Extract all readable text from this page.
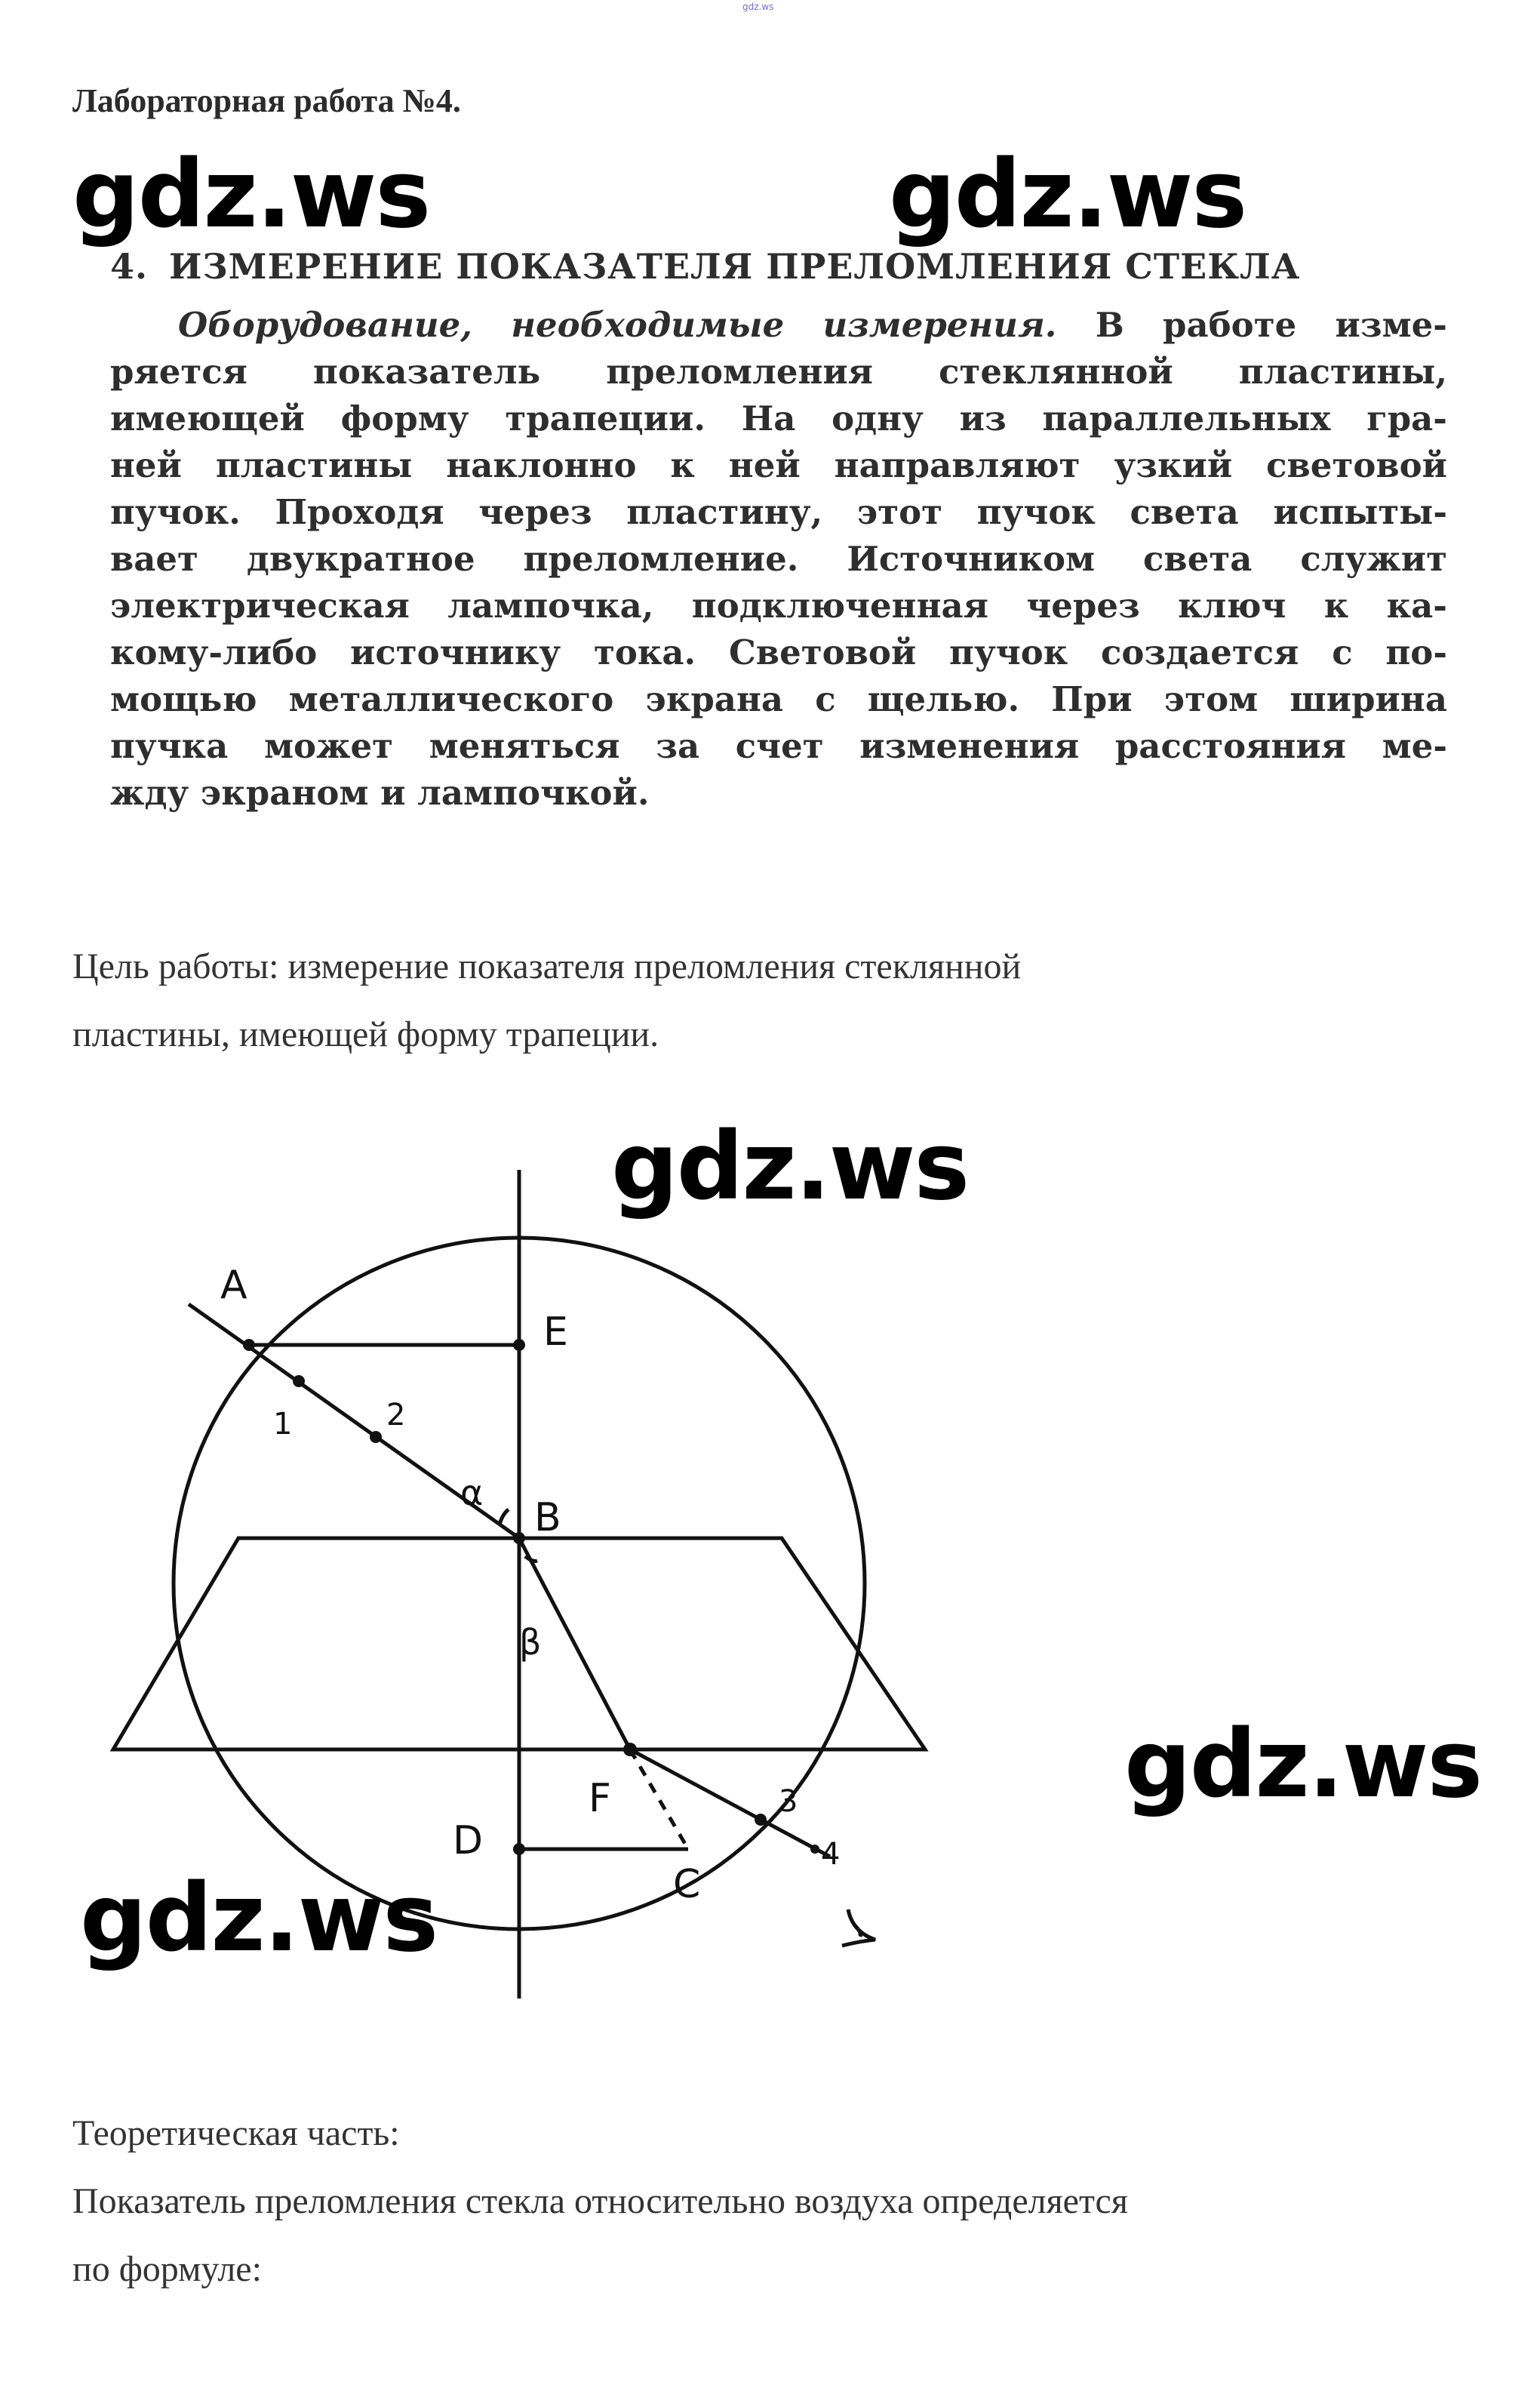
gdz.ws
Лабораторная работа №4.
gdz.ws	gdz.ws
4. ИЗМЕРЕНИЕ ПОКАЗАТЕЛЯ ПРЕЛОМЛЕНИЯ СТЕКЛА
Оборудование, необходимые измерения. В работе изме-
ряется показатель преломления стеклянной пластины,
имеющей форму трапеции. На одну из параллельных гра-
ней пластины наклонно к ней направляют узкий световой
пучок. Проходя через пластину, этот пучок света испыты-
вает двукратное преломление. Источником света служит
электрическая лампочка, подключенная через ключ к ка-
кому-либо источнику тока. Световой пучок создается с по-
мощью металлического экрана с щелью. При этом ширина
пучка может меняться за счет изменения расстояния ме-
жду экраном и лампочкой.
Цель работы: измерение показателя преломления стеклянной
пластины, имеющей форму трапеции.
gdz.ws
A
E
1	2
α
B
β
F
D
C
3
4
gdz.ws
gdz.ws
Теоретическая часть:
Показатель преломления стекла относительно воздуха определяется
по формуле:
